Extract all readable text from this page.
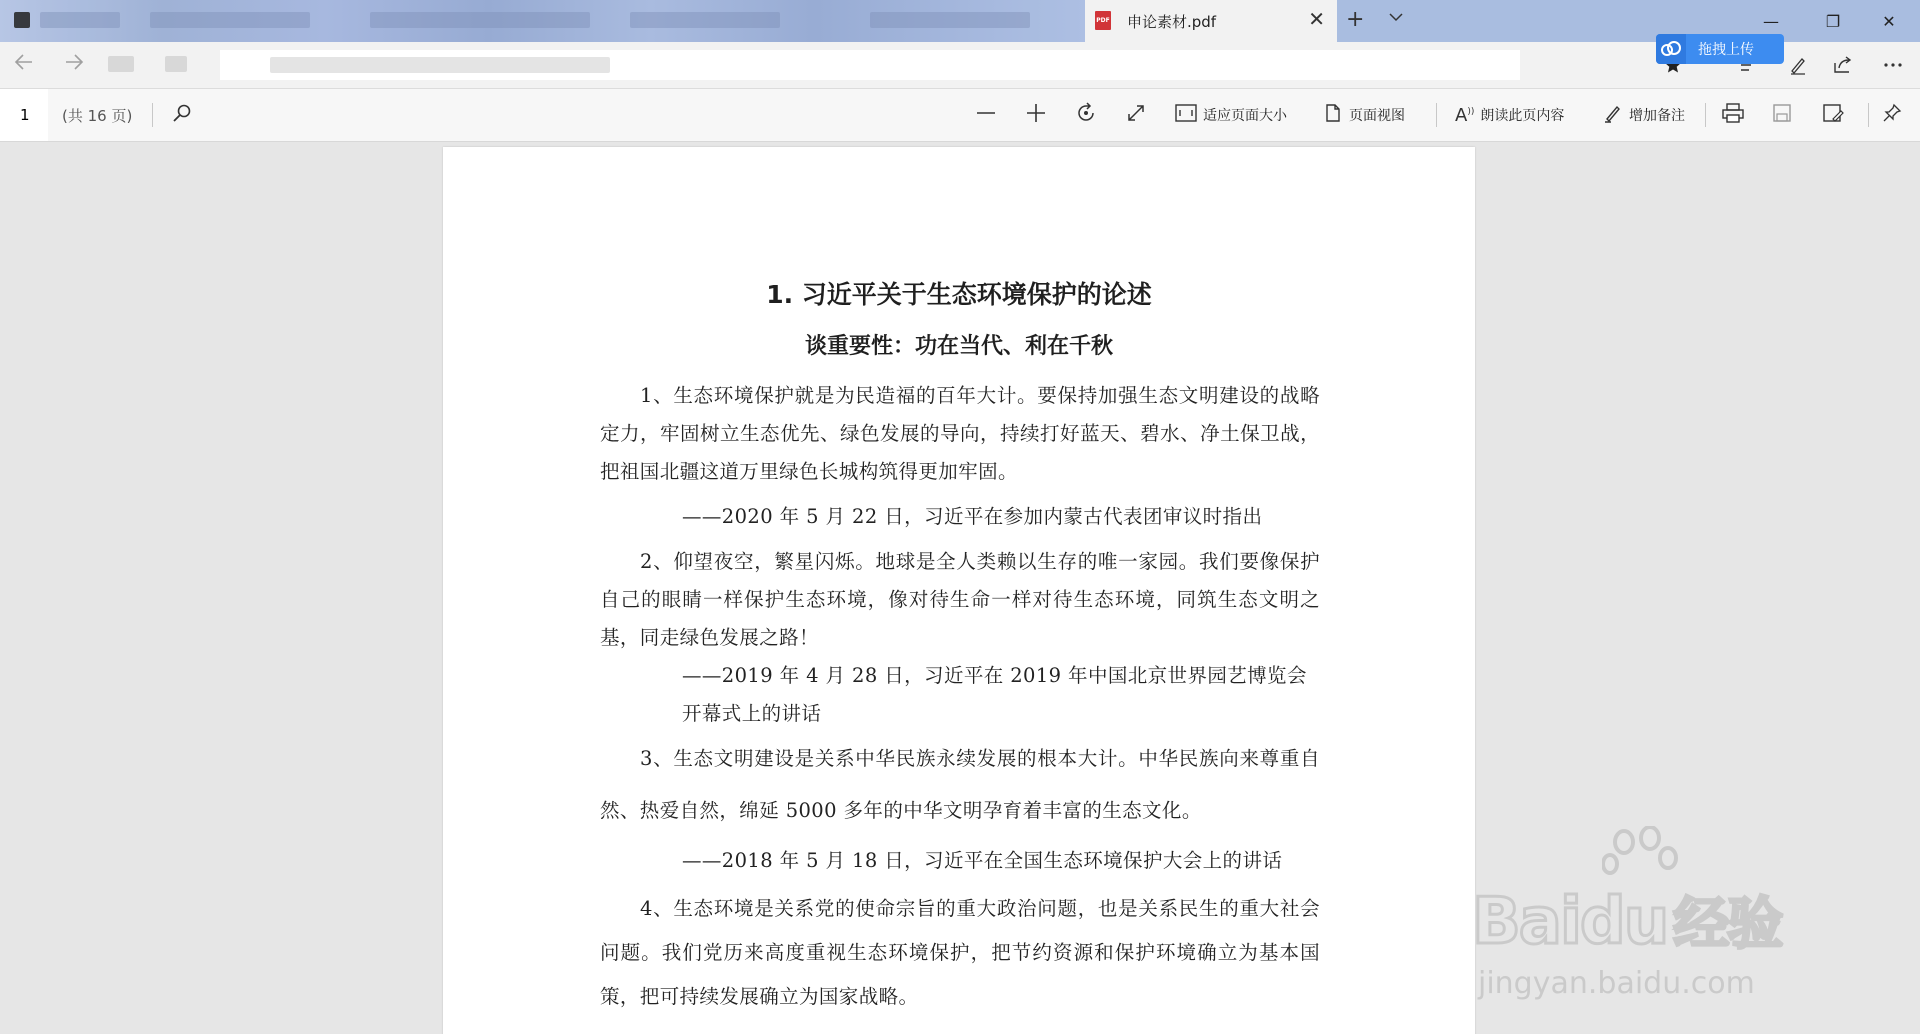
PDF 申论素材.pdf	✕ +	—	❐	✕
拖拽上传
1
(共 16 页)	适应页面大小	页面视图	A)) 朗读此页内容	增加备注
1. 习近平关于生态环境保护的论述
谈重要性：功在当代、利在千秋

1、生态环境保护就是为民造福的百年大计。要保持加强生态文明建设的战略定力，牢固树立生态优先、绿色发展的导向，持续打好蓝天、碧水、净土保卫战，把祖国北疆这道万里绿色长城构筑得更加牢固。

——2020 年 5 月 22 日，习近平在参加内蒙古代表团审议时指出

2、仰望夜空，繁星闪烁。地球是全人类赖以生存的唯一家园。我们要像保护自己的眼睛一样保护生态环境，像对待生命一样对待生态环境，同筑生态文明之基，同走绿色发展之路！

——2019 年 4 月 28 日，习近平在 2019 年中国北京世界园艺博览会开幕式上的讲话

3、生态文明建设是关系中华民族永续发展的根本大计。中华民族向来尊重自然、热爱自然，绵延 5000 多年的中华文明孕育着丰富的生态文化。

——2018 年 5 月 18 日，习近平在全国生态环境保护大会上的讲话

4、生态环境是关系党的使命宗旨的重大政治问题，也是关系民生的重大社会问题。我们党历来高度重视生态环境保护，把节约资源和保护环境确立为基本国策，把可持续发展确立为国家战略。

Baidu 经验
jingyan.baidu.com
